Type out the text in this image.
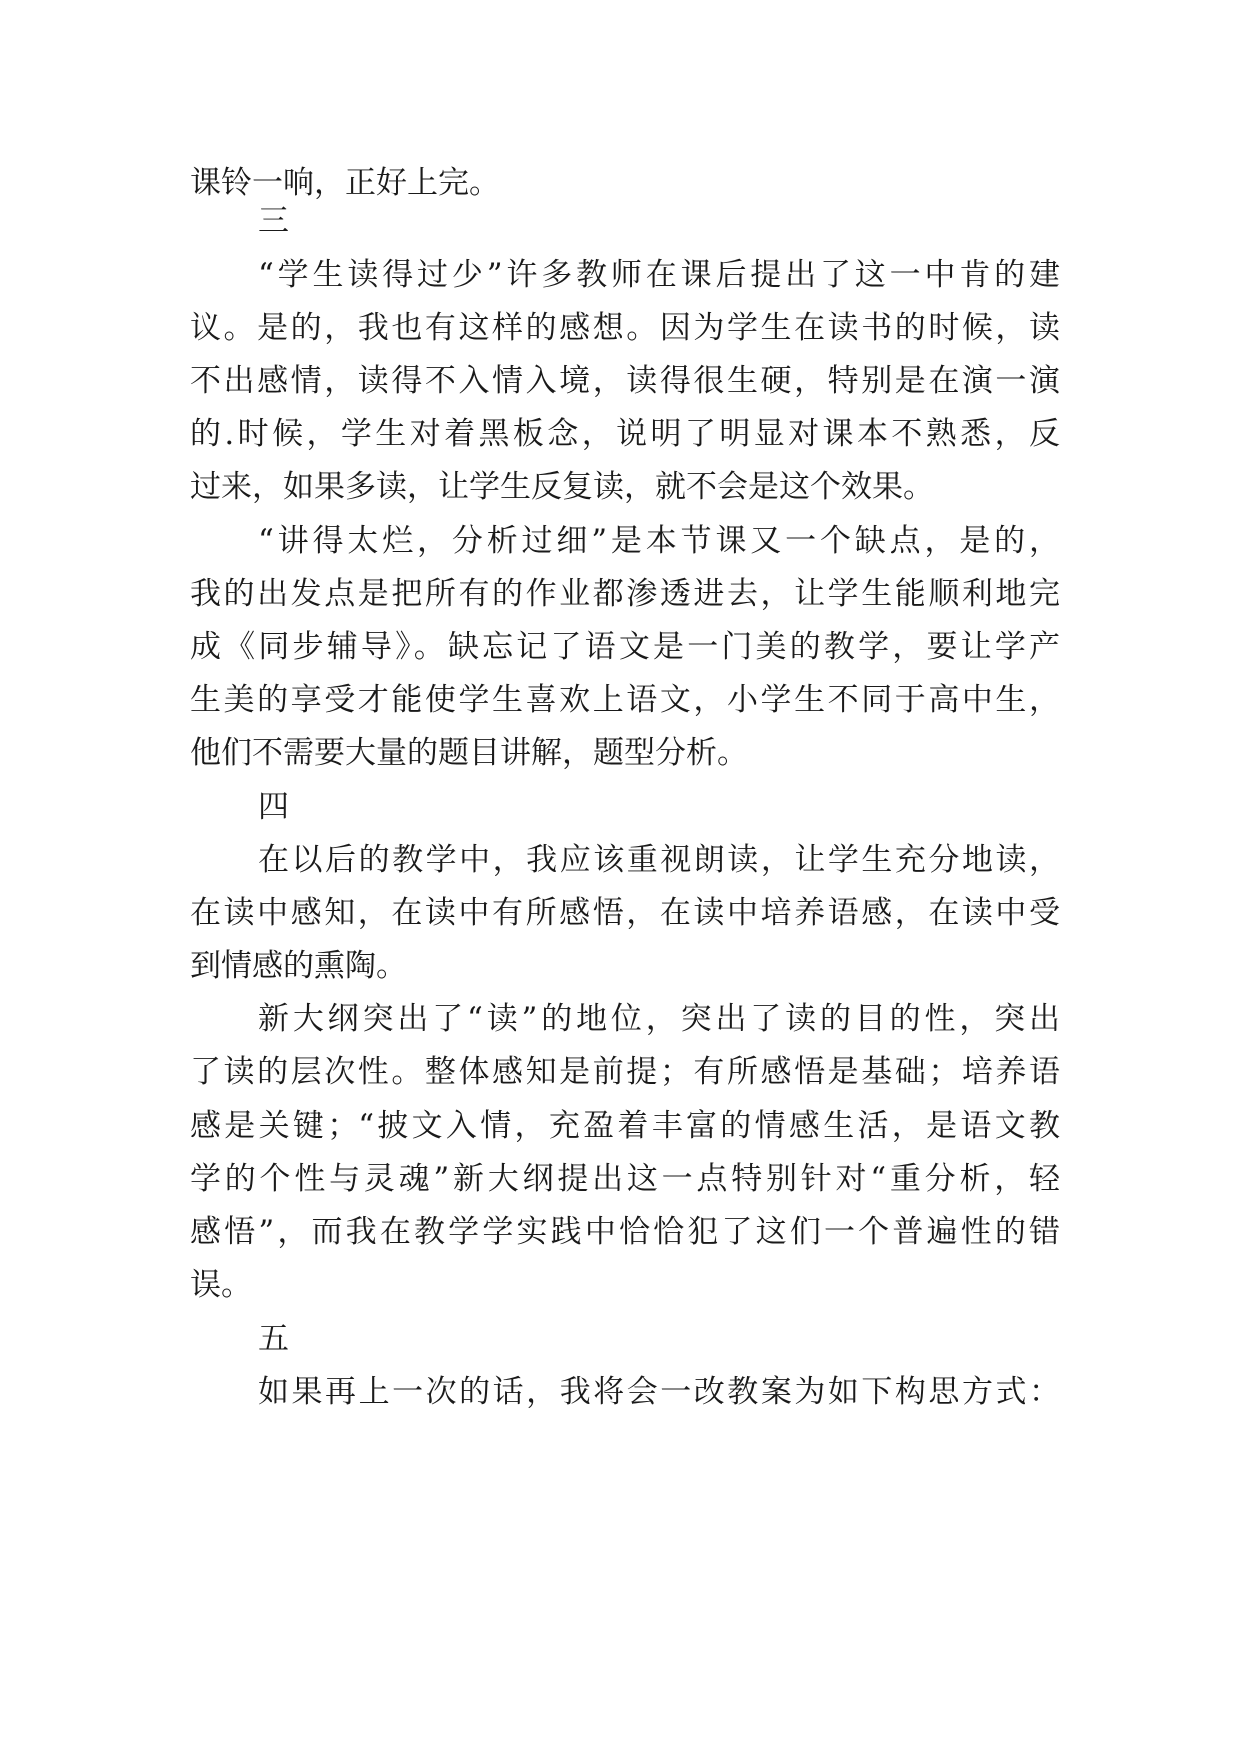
课铃一响，正好上完。
三
“学生读得过少”许多教师在课后提出了这一中肯的建
议。是的，我也有这样的感想。因为学生在读书的时候，读
不出感情，读得不入情入境，读得很生硬，特别是在演一演
的.时候，学生对着黑板念，说明了明显对课本不熟悉，反
过来，如果多读，让学生反复读，就不会是这个效果。
“讲得太烂，分析过细”是本节课又一个缺点，是的，
我的出发点是把所有的作业都渗透进去，让学生能顺利地完
成《同步辅导》。缺忘记了语文是一门美的教学，要让学产
生美的享受才能使学生喜欢上语文，小学生不同于高中生，
他们不需要大量的题目讲解，题型分析。
四
在以后的教学中，我应该重视朗读，让学生充分地读，
在读中感知，在读中有所感悟，在读中培养语感，在读中受
到情感的熏陶。
新大纲突出了“读”的地位，突出了读的目的性，突出
了读的层次性。整体感知是前提；有所感悟是基础；培养语
感是关键；“披文入情，充盈着丰富的情感生活，是语文教
学的个性与灵魂”新大纲提出这一点特别针对“重分析，轻
感悟”，而我在教学学实践中恰恰犯了这们一个普遍性的错
误。
五
如果再上一次的话，我将会一改教案为如下构思方式：
